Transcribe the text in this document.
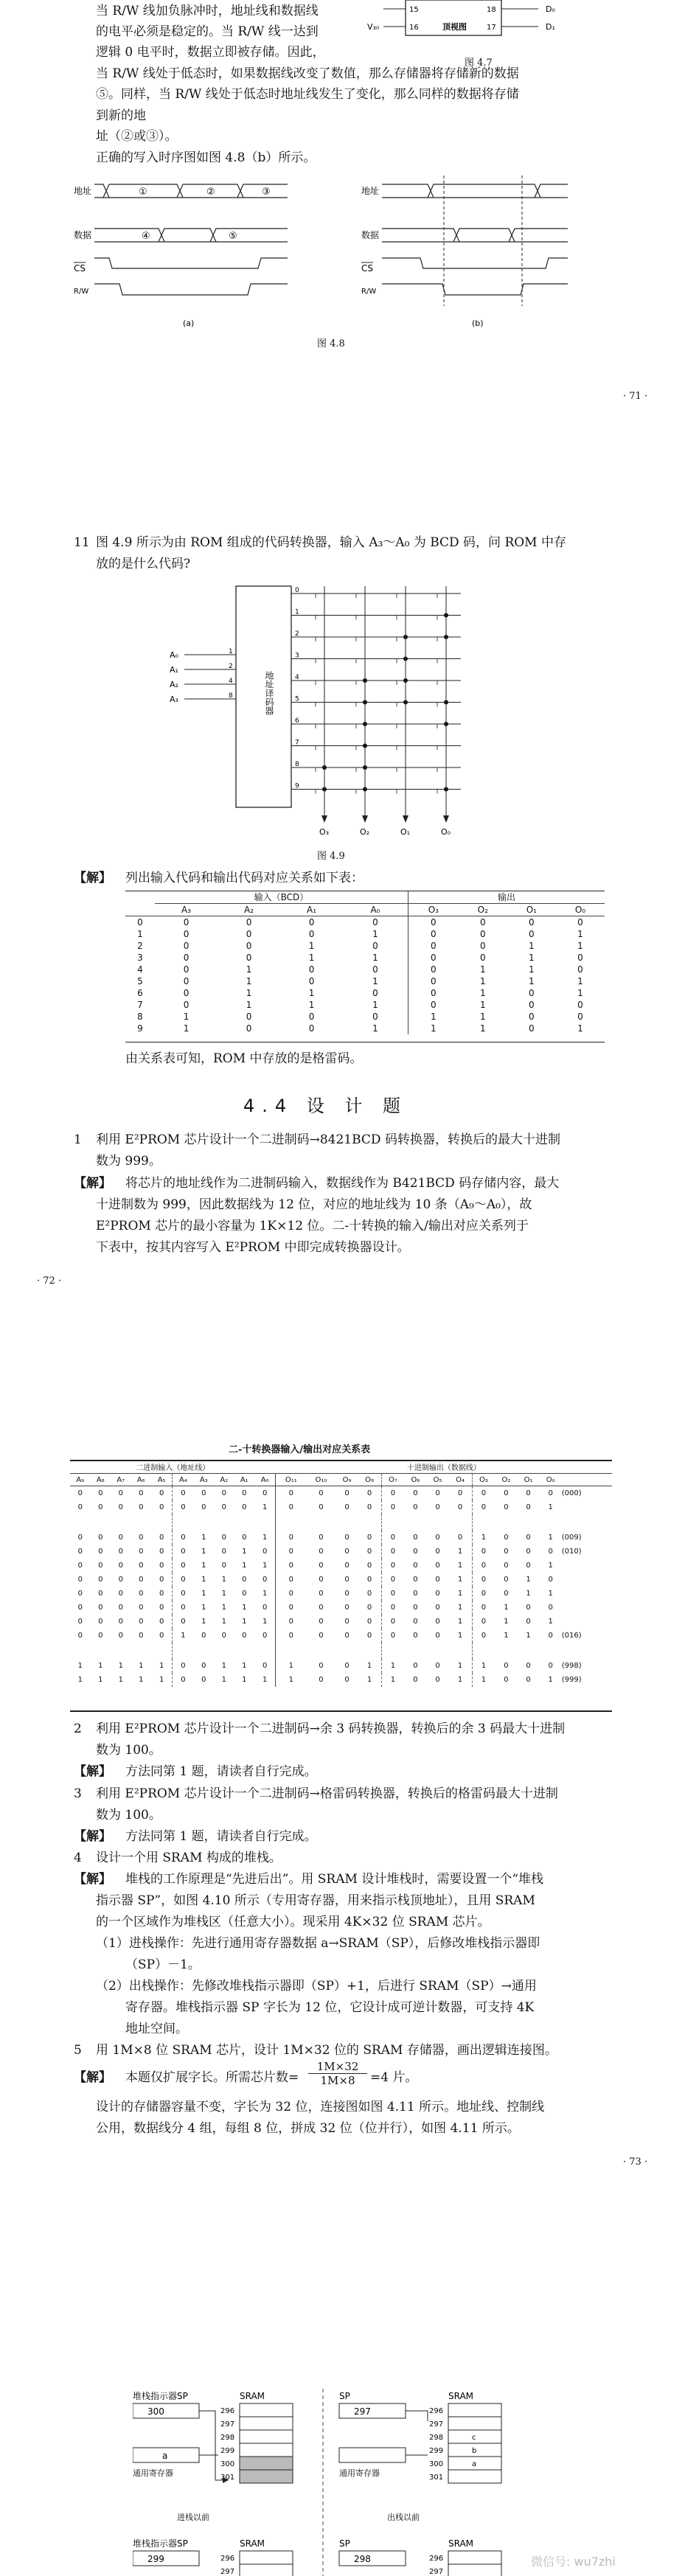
当 R/W 线加负脉冲时，地址线和数据线
的电平必须是稳定的。当 R/W 线一达到
逻辑 0 电平时，数据立即被存储。因此，
当 R/W 线处于低态时，如果数据线改变了数值，那么存储器将存储新的数据
⑤。同样，当 R/W 线处于低态时地址线发生了变化，那么同样的数据将存储
到新的地
址（②或③）。
正确的写入时序图如图 4.8（b）所示。
V₃₀
15
16	顶视图
18
17
D₀
D₁
图 4.7
地址
数据
CS
R/W
①	②	③
④	⑤
(a)
地址
数据
CS
R/W
(b)
图 4.8
· 71 ·
11 图 4.9 所示为由 ROM 组成的代码转换器，输入 A₃～A₀ 为 BCD 码，问 ROM 中存
放的是什么代码?
地址译码器
A₀	1
A₁	2
A₂	4
A₃	8
0
1
2
3
4
5
6
7
8
9
O₃	O₂	O₁	O₀
图 4.9
【解】 列出输入代码和输出代码对应关系如下表：
	输入（BCD）				输出			
	A₃	A₂	A₁	A₀	O₃	O₂	O₁	O₀
0	0	0	0	0	0	0	0	0
1	0	0	0	1	0	0	0	1
2	0	0	1	0	0	0	1	1
3	0	0	1	1	0	0	1	0
4	0	1	0	0	0	1	1	0
5	0	1	0	1	0	1	1	1
6	0	1	1	0	0	1	0	1
7	0	1	1	1	0	1	0	0
8	1	0	0	0	1	1	0	0
9	1	0	0	1	1	1	0	1
由关系表可知，ROM 中存放的是格雷码。
4.4 设 计 题
1 利用 E²PROM 芯片设计一个二进制码→8421BCD 码转换器，转换后的最大十进制
数为 999。
【解】 将芯片的地址线作为二进制码输入，数据线作为 B421BCD 码存储内容，最大
十进制数为 999，因此数据线为 12 位，对应的地址线为 10 条（A₉～A₀），故
E²PROM 芯片的最小容量为 1K×12 位。二-十转换的输入/输出对应关系列于
下表中，按其内容写入 E²PROM 中即完成转换器设计。
· 72 ·
二-十转换器输入/输出对应关系表
二进制输入（地址线）										十进制输出（数据线）												
A₉	A₈	A₇	A₆	A₅	A₄	A₃	A₂	A₁	A₀	O₁₁	O₁₀	O₉	O₈	O₇	O₆	O₅	O₄	O₃	O₂	O₁	O₀	
0	0	0	0	0	0	0	0	0	0	0	0	0	0	0	0	0	0	0	0	0	0	(000)
0	0	0	0	0	0	0	0	0	1	0	0	0	0	0	0	0	0	0	0	0	1	

0	0	0	0	0	0	1	0	0	1	0	0	0	0	0	0	0	0	1	0	0	1	(009)
0	0	0	0	0	0	1	0	1	0	0	0	0	0	0	0	0	1	0	0	0	0	(010)
0	0	0	0	0	0	1	0	1	1	0	0	0	0	0	0	0	1	0	0	0	1	
0	0	0	0	0	0	1	1	0	0	0	0	0	0	0	0	0	1	0	0	1	0	
0	0	0	0	0	0	1	1	0	1	0	0	0	0	0	0	0	1	0	0	1	1	
0	0	0	0	0	0	1	1	1	0	0	0	0	0	0	0	0	1	0	1	0	0	
0	0	0	0	0	0	1	1	1	1	0	0	0	0	0	0	0	1	0	1	0	1	
0	0	0	0	0	1	0	0	0	0	0	0	0	0	0	0	0	1	0	1	1	0	(016)

1	1	1	1	1	0	0	1	1	0	1	0	0	1	1	0	0	1	1	0	0	0	(998)
1	1	1	1	1	0	0	1	1	1	1	0	0	1	1	0	0	1	1	0	0	1	(999)
2 利用 E²PROM 芯片设计一个二进制码→余 3 码转换器，转换后的余 3 码最大十进制
数为 100。
【解】 方法同第 1 题，请读者自行完成。
3 利用 E²PROM 芯片设计一个二进制码→格雷码转换器，转换后的格雷码最大十进制
数为 100。
【解】 方法同第 1 题，请读者自行完成。
4 设计一个用 SRAM 构成的堆栈。
【解】 堆栈的工作原理是“先进后出”。用 SRAM 设计堆栈时，需要设置一个“堆栈
指示器 SP”，如图 4.10 所示（专用寄存器，用来指示栈顶地址），且用 SRAM
的一个区域作为堆栈区（任意大小）。现采用 4K×32 位 SRAM 芯片。
（1）进栈操作：先进行通用寄存器数据 a→SRAM（SP），后修改堆栈指示器即
（SP）－1。
（2）出栈操作：先修改堆栈指示器即（SP）+1，后进行 SRAM（SP）→通用
寄存器。堆栈指示器 SP 字长为 12 位，它设计成可逆计数器，可支持 4K
地址空间。
5 用 1M×8 位 SRAM 芯片，设计 1M×32 位的 SRAM 存储器，画出逻辑连接图。
【解】 本题仅扩展字长。所需芯片数=
1M×32
1M×8	=4 片。
设计的存储器容量不变，字长为 32 位，连接图如图 4.11 所示。地址线、控制线
公用，数据线分 4 组，每组 8 位，拼成 32 位（位并行），如图 4.11 所示。
· 73 ·
堆栈指示器SP
300
a
通用寄存器
SRAM
296
297
298
299
300
301
进栈以前
SP
297
通用寄存器
SRAM
296
297
298	c
299	b
300	a
301
出栈以前
堆栈指示器SP
299
SRAM
296
297
SP
298
SRAM
296
297
微信号: wu7zhi
